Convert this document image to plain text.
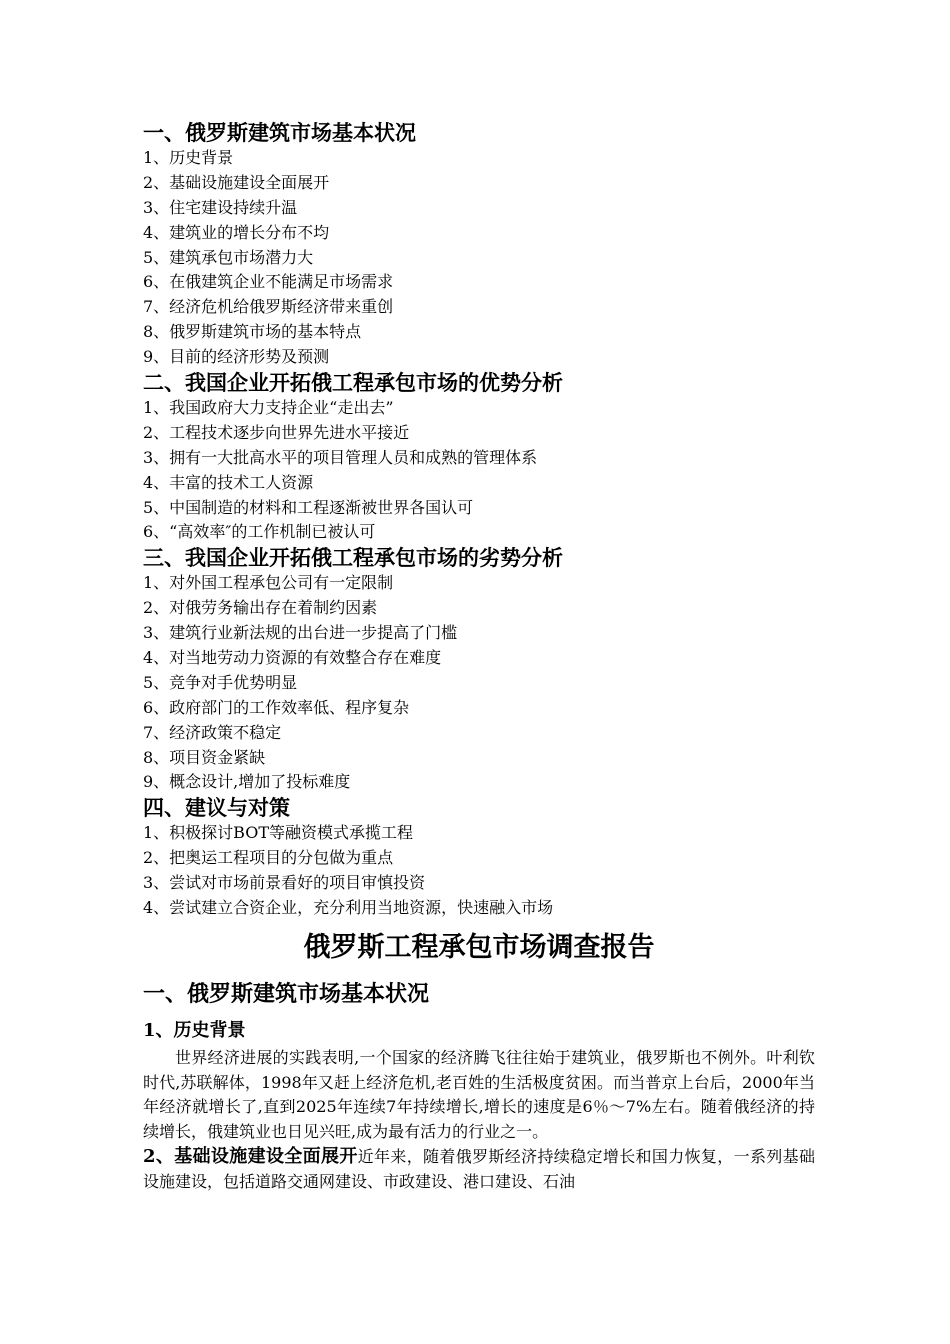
一、俄罗斯建筑市场基本状况

1、历史背景

2、基础设施建设全面展开

3、住宅建设持续升温

4、建筑业的增长分布不均

5、建筑承包市场潜力大

6、在俄建筑企业不能满足市场需求

7、经济危机给俄罗斯经济带来重创

8、俄罗斯建筑市场的基本特点

9、目前的经济形势及预测

二、我国企业开拓俄工程承包市场的优势分析

1、我国政府大力支持企业“走出去”

2、工程技术逐步向世界先进水平接近

3、拥有一大批高水平的项目管理人员和成熟的管理体系

4、丰富的技术工人资源

5、中国制造的材料和工程逐渐被世界各国认可

6、“高效率″的工作机制已被认可

三、我国企业开拓俄工程承包市场的劣势分析

1、对外国工程承包公司有一定限制

2、对俄劳务输出存在着制约因素

3、建筑行业新法规的出台进一步提高了门槛

4、对当地劳动力资源的有效整合存在难度

5、竞争对手优势明显

6、政府部门的工作效率低、程序复杂

7、经济政策不稳定

8、项目资金紧缺

9、概念设计,增加了投标难度

四、建议与对策

1、积极探讨BOT等融资模式承揽工程

2、把奥运工程项目的分包做为重点

3、尝试对市场前景看好的项目审慎投资

4、尝试建立合资企业，充分利用当地资源，快速融入市场

俄罗斯工程承包市场调查报告

一、俄罗斯建筑市场基本状况

1、历史背景

世界经济进展的实践表明,一个国家的经济腾飞往往始于建筑业，俄罗斯也不例外。叶利钦时代,苏联解体，1998年又赶上经济危机,老百姓的生活极度贫困。而当普京上台后，2000年当年经济就增长了,直到2025年连续7年持续增长,增长的速度是6％～7%左右。随着俄经济的持续增长，俄建筑业也日见兴旺,成为最有活力的行业之一。

2、基础设施建设全面展开近年来，随着俄罗斯经济持续稳定增长和国力恢复，一系列基础设施建设，包括道路交通网建设、市政建设、港口建设、石油
